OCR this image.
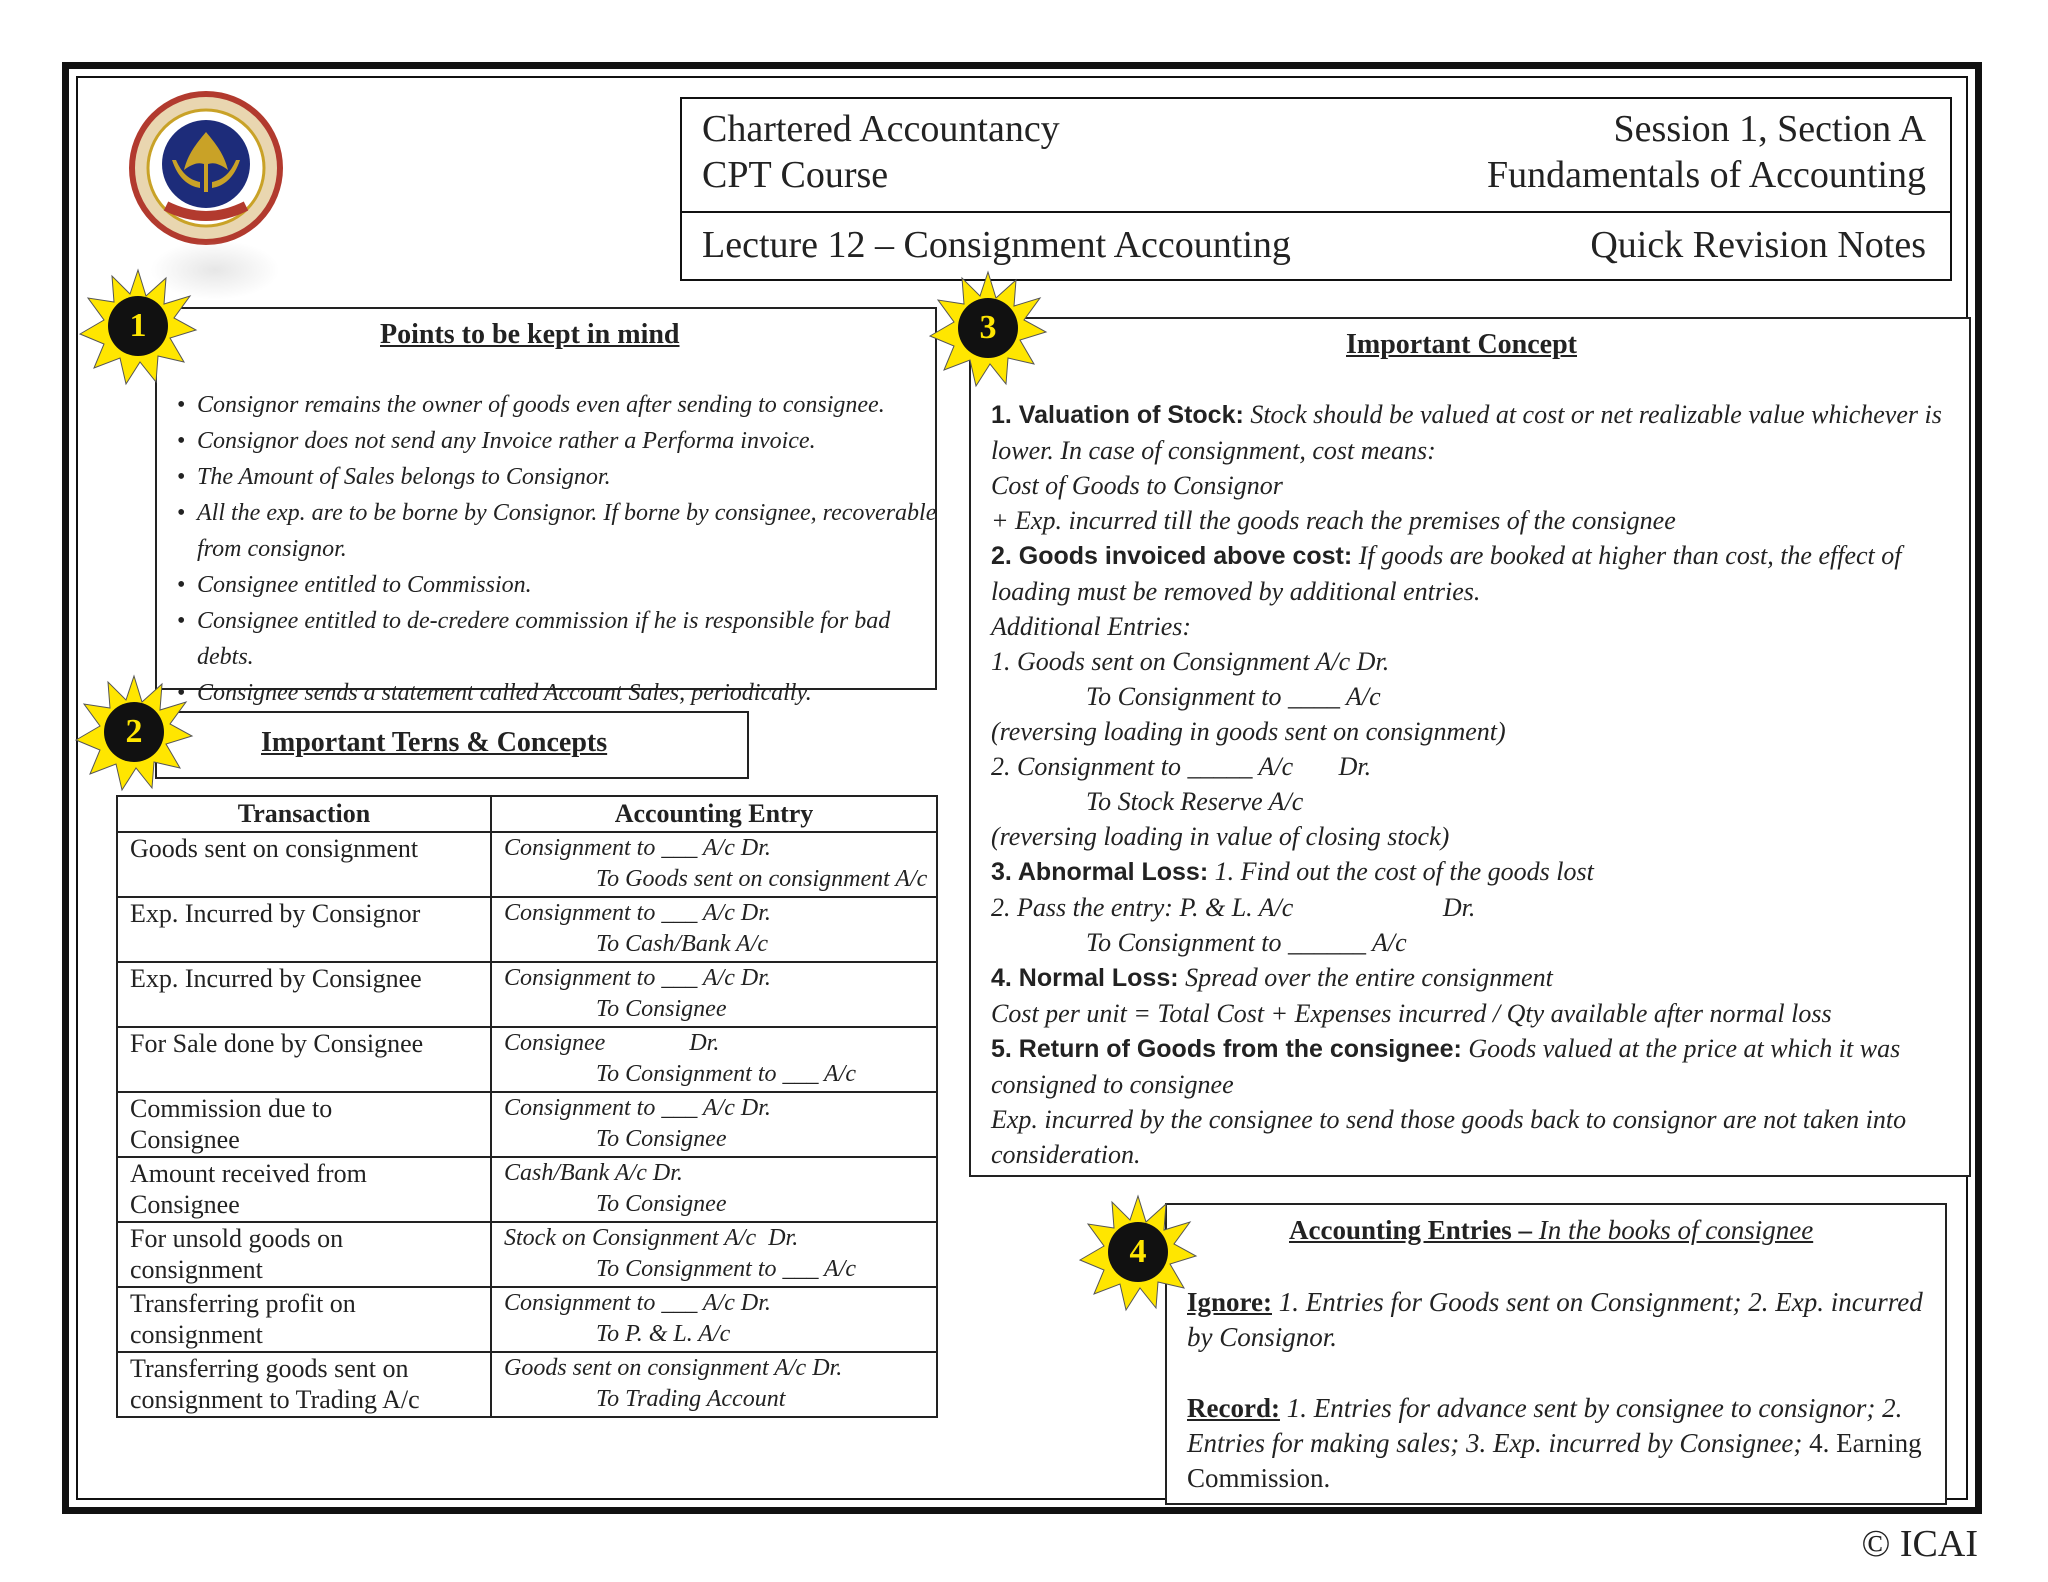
Chartered Accountancy
CPT Course
Session 1, Section A
Fundamentals of Accounting
Lecture 12 – Consignment Accounting	Quick Revision Notes
Points to be kept in mind
• Consignor remains the owner of goods even after sending to consignee.
• Consignor does not send any Invoice rather a Performa invoice.
• The Amount of Sales belongs to Consignor.
• All the exp. are to be borne by Consignor. If borne by consignee, recoverable from consignor.
• Consignee entitled to Commission.
• Consignee entitled to de-credere commission if he is responsible for bad debts.
• Consignee sends a statement called Account Sales, periodically.
Important Terns & Concepts
Transaction	Accounting Entry
Goods sent on consignment	Consignment to ___ A/c Dr.
To Goods sent on consignment A/c

Exp. Incurred by Consignor	Consignment to ___ A/c Dr.
To Cash/Bank A/c

Exp. Incurred by Consignee	Consignment to ___ A/c Dr.
To Consignee

For Sale done by Consignee	Consignee              Dr.
To Consignment to ___ A/c

Commission due to
Consignee	Consignment to ___ A/c Dr.
To Consignee

Amount received from
Consignee	Cash/Bank A/c Dr.
To Consignee

For unsold goods on
consignment	Stock on Consignment A/c  Dr.
To Consignment to ___ A/c

Transferring profit on
consignment	Consignment to ___ A/c Dr.
To P. & L. A/c

Transferring goods sent on
consignment to Trading A/c	Goods sent on consignment A/c Dr.
To Trading Account
Important Concept
1. Valuation of Stock: Stock should be valued at cost or net realizable value whichever is lower. In case of consignment, cost means:
Cost of Goods to Consignor
+ Exp. incurred till the goods reach the premises of the consignee
2. Goods invoiced above cost: If goods are booked at higher than cost, the effect of loading must be removed by additional entries.
Additional Entries:
1. Goods sent on Consignment A/c Dr.
To Consignment to ____ A/c
(reversing loading in goods sent on consignment)
2. Consignment to _____ A/c       Dr.
To Stock Reserve A/c
(reversing loading in value of closing stock)
3. Abnormal Loss: 1. Find out the cost of the goods lost
2. Pass the entry: P. & L. A/c                       Dr.
To Consignment to ______ A/c
4. Normal Loss: Spread over the entire consignment
Cost per unit = Total Cost + Expenses incurred / Qty available after normal loss
5. Return of Goods from the consignee: Goods valued at the price at which it was consigned to consignee
Exp. incurred by the consignee to send those goods back to consignor are not taken into consideration.
Accounting Entries – In the books of consignee
Ignore: 1. Entries for Goods sent on Consignment; 2. Exp. incurred by Consignor.
Record: 1. Entries for advance sent by consignee to consignor; 2. Entries for making sales; 3. Exp. incurred by Consignee; 4. Earning Commission.
1
2
3
4
© ICAI
